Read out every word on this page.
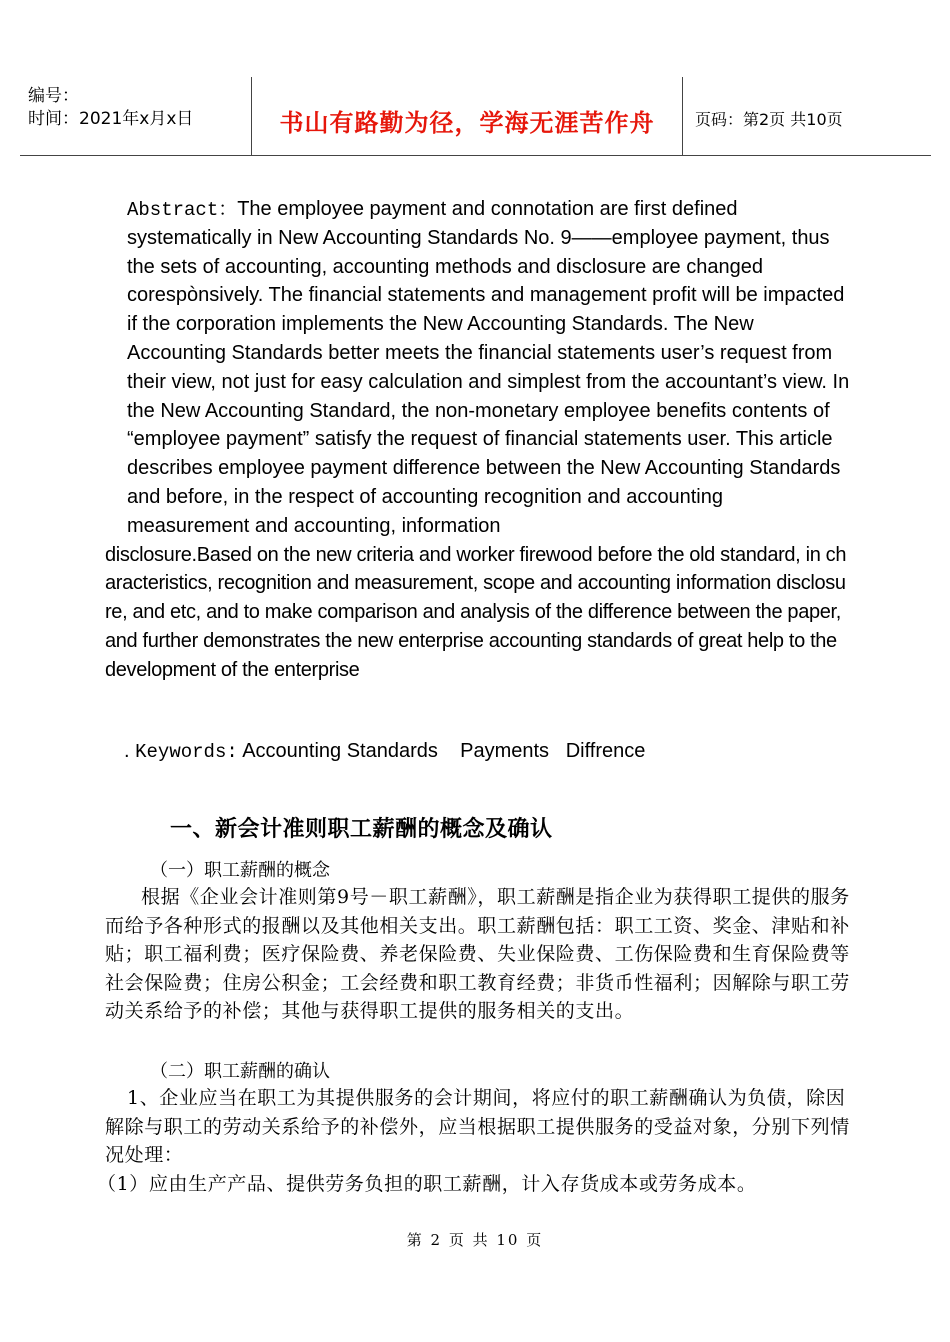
编号：
时间：2021年x月x日	书山有路勤为径，学海无涯苦作舟	页码：第2页 共10页

Abstract：The employee payment and connotation are first defined systematically in New Accounting Standards No. 9——employee payment, thus the sets of accounting, accounting methods and disclosure are changed corespònsively. The financial statements and management profit will be impacted if the corporation implements the New Accounting Standards. The New Accounting Standards better meets the financial statements user’s request from their view, not just for easy calculation and simplest from the accountant’s view. In the New Accounting Standard, the non-monetary employee benefits contents of “employee payment” satisfy the request of financial statements user. This article describes employee payment difference between the New Accounting Standards and before, in the respect of accounting recognition and accounting measurement and accounting, information

disclosure.Based on the new criteria and worker firewood before the old standard, in characteristics, recognition and measurement, scope and accounting information disclosure, and etc, and to make comparison and analysis of the difference between the paper, and further demonstrates the new enterprise accounting standards of great help to the development of the enterprise

. Keywords: Accounting Standards    Payments   Diffrence
一、新会计准则职工薪酬的概念及确认
（一）职工薪酬的概念

根据《企业会计准则第9号－职工薪酬》，职工薪酬是指企业为获得职工提供的服务而给予各种形式的报酬以及其他相关支出。职工薪酬包括：职工工资、奖金、津贴和补贴；职工福利费；医疗保险费、养老保险费、失业保险费、工伤保险费和生育保险费等社会保险费；住房公积金；工会经费和职工教育经费；非货币性福利；因解除与职工劳动关系给予的补偿；其他与获得职工提供的服务相关的支出。

（二）职工薪酬的确认

1、企业应当在职工为其提供服务的会计期间，将应付的职工薪酬确认为负债，除因解除与职工的劳动关系给予的补偿外，应当根据职工提供服务的受益对象，分别下列情况处理：

（1）应由生产产品、提供劳务负担的职工薪酬，计入存货成本或劳务成本。

第 2 页 共 10 页
